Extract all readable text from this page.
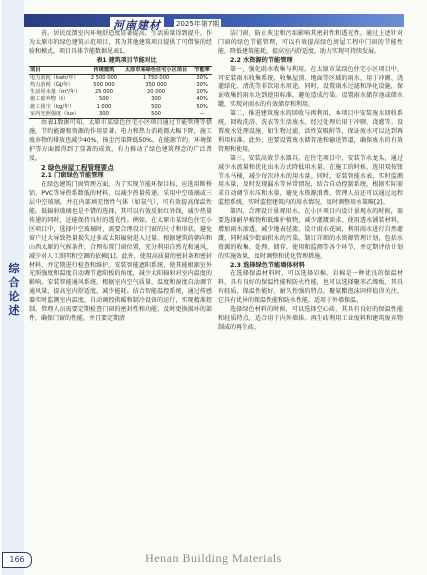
综合论述
河南建材	2025年第7期

善。居民反馈室内环境舒适度显著提高，生活质量得到提升。作为太原市的绿色建筑示范项目，其为其他建筑项目提供了可借鉴的经验和模式，项目具体节能数据见表1。

表1 建筑项目节能对比

项目	传统建筑	太原市某绿色住宅小区项目	节能率
电力消耗（kwh/年）	2 500 000	1 750 000	30%
热力消耗（GJ/年）	500 000	350 000	30%
生活用水量（m³/年）	25 000	20 000	20%
施工废弃物（t）	500	300	40%
施工扬尘（kg/年）	1 000	500	50%
室内光照强度（lux）	300	500	—

由表1数据可知，太原市某绿色住宅小区项目通过节能管理等措施，节约能源和资源的作用显著，电力和热力消耗都大幅下降，施工废弃物的排放也减少40%，扬尘污染降低50%。在能源节约、环境保护等方面都得到了显著的成效，有力推动了绿色建筑理念的广泛普及。

2 绿色房屋工程管理要点

2.1 门窗绿色节能管理

在绿色建筑门窗管理方面，为了实现节能环保目标，应选用断桥铝、PVC等导热系数低的材料，以减少热量传递。采用中空玻璃或三层中空玻璃，并在内部填充惰性气体（如氩气），可有效提高保温性能。低辐射玻璃也是不错的选择，其可以有效反射红外线，减少热量传递的同时，还能保持良好的透光性。例如，在太原市某绿色住宅小区项目中，选择中空玻璃时，需要合理设计门窗的尺寸和形状，避免窗户过大导致热量损失过多或太阳辐射进入过量。根据建筑的朝向和山西太原的气候条件，合理布置门窗位置，充分利用自然光和通风，减少对人工照明和空调的依赖[1]。此外，使用高质量的密封条和密封材料，并定期进行检查和维护。安装智能遮阳系统，使其能根据室外光照强度和温度自动调节遮阳板的角度，减少太阳辐射对室内温度的影响。安装智能通风系统，根据室内空气质量、温度和湿度自动调节通风量，提高室内舒适度，减少能耗。结合智能温控系统，通过传感器实时监测室内温度，自动调控供暖和制冷设备的运行，实现精准控制。管理人员需要定期检查门窗的密封性和功能，及时更换损坏的部件，确保门窗的性能，并且要定期清

洁门窗，防止灰尘和污垢影响其密封性和透光性。通过上述针对门窗的绿色节能管理，可以有效提高绿色房屋工程中门窗的节能性能，降低建筑能耗，提高室内舒适度，助力实现可持续发展。

2.2 水资源的节能管理

第一，强化雨水收集与利用。在太原市某绿色住宅小区项目中，可安装雨水收集系统，收集屋顶、地面等区域的雨水，用于冲厕、浇灌绿化、清洗等非饮用水用途。同时，设置雨水过滤和净化设施，保证收集的雨水达到使用标准，避免造成污染。设置雨水储存池或储水罐，实现对雨水的有效储存和利用。

第二，推进建筑废水的回收与再利用。本项目中安装废水回收系统，回收洗浴、洗衣等生活废水，经过处理后用于冲厕、浇灌等。设置废水处理设施，如生物过滤、活性炭吸附等，保证废水可以达到再利用标准。此外，也要设置废水储存池和输送管道，确保废水的有效管理和使用。

第三，安装高效节水器具。在住宅项目中，安装节水龙头，通过减少水流量和优化出水方式降低用水量。在施工的时候，选用双按钮节水马桶，减少每次冲水的用水量。同时，安装智能水表，实时监测用水量，及时发现漏水等异常情况，结合自动控制系统，根据实际需求自动调节水压和水量，避免水资源浪费。管理人员还可以通过远程监控系统，实时监控建筑内的用水情况，及时调整用水策略[2]。

第四，合理设计景观用水。在小区项目内设计景观水的时候，需要选择耐旱植物和低维护植物，减少灌溉需求。使用透水铺装材料，增加雨水渗透，减少地表径流。设计雨水花园，利用雨水进行自然灌溉，同时减少街面积水的污染。制订详细的水资源管理计划，包括水资源的收集、处理、储存、使用和监测等各个环节，并定期评估计划的实施效果，及时调整和优化管理措施。

2.3 选择绿色节能墙体材料

在选择保温材料时，可以选择岩棉、岩棉是一种优良的保温材料，具有良好的保温性能和防火性能，也可以选择聚苯乙烯板，其具有轻质、保温性能好、耐久性强的特点。聚氨酯泡沫同样值得关注，它具有优异的保温性能和防水性能，适用于外墙保温。

选择绿色材料的时候，可以选择空心砖，其具有良好的保温性能和轻质特点，适合用于内外墙体。再生砖利用工业废料和建筑废弃物制成的再生砖，

Henan Building Materials
166
